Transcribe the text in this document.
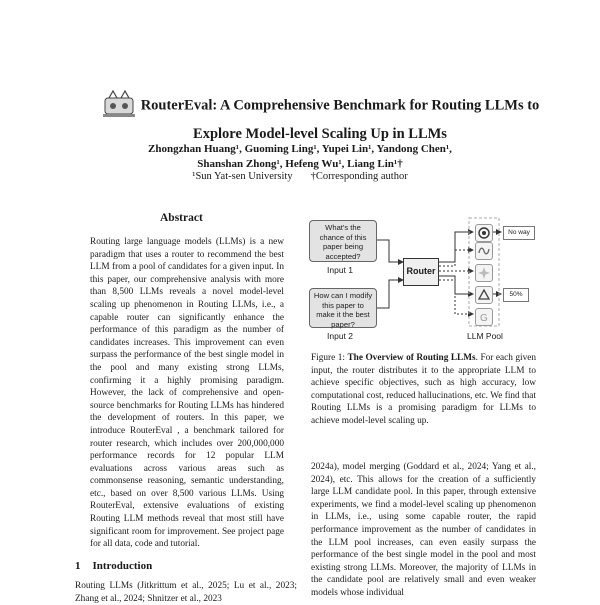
RouterEval: A Comprehensive Benchmark for Routing LLMs to
Explore Model-level Scaling Up in LLMs
Zhongzhan Huang¹, Guoming Ling¹, Yupei Lin¹, Yandong Chen¹,
Shanshan Zhong¹, Hefeng Wu¹, Liang Lin¹†
¹Sun Yat-sen University †Corresponding author
Abstract
Routing large language models (LLMs) is a new paradigm that uses a router to recommend the best LLM from a pool of candidates for a given input. In this paper, our comprehensive analysis with more than 8,500 LLMs reveals a novel model-level scaling up phenomenon in Routing LLMs, i.e., a capable router can significantly enhance the performance of this paradigm as the number of candidates increases. This improvement can even surpass the performance of the best single model in the pool and many existing strong LLMs, confirming it a highly promising paradigm. However, the lack of comprehensive and open-source benchmarks for Routing LLMs has hindered the development of routers. In this paper, we introduce RouterEval , a benchmark tailored for router research, which includes over 200,000,000 performance records for 12 popular LLM evaluations across various areas such as commonsense reasoning, semantic understanding, etc., based on over 8,500 various LLMs. Using RouterEval, extensive evaluations of existing Routing LLM methods reveal that most still have significant room for improvement. See project page for all data, code and tutorial.
1 Introduction
Routing LLMs (Jitkrittum et al., 2025; Lu et al., 2023; Zhang et al., 2024; Shnitzer et al., 2023
What's the chance of this paper being accepted?
Input 1
How can I modify this paper to make it the best paper?
Input 2
Router
G
No way
50%
LLM Pool
Figure 1: The Overview of Routing LLMs. For each given input, the router distributes it to the appropriate LLM to achieve specific objectives, such as high accuracy, low computational cost, reduced hallucinations, etc. We find that Routing LLMs is a promising paradigm for LLMs to achieve model-level scaling up.
2024a), model merging (Goddard et al., 2024; Yang et al., 2024), etc. This allows for the creation of a sufficiently large LLM candidate pool. In this paper, through extensive experiments, we find a model-level scaling up phenomenon in LLMs, i.e., using some capable router, the rapid performance improvement as the number of candidates in the LLM pool increases, can even easily surpass the performance of the best single model in the pool and most existing strong LLMs. Moreover, the majority of LLMs in the candidate pool are relatively small and even weaker models whose individual
